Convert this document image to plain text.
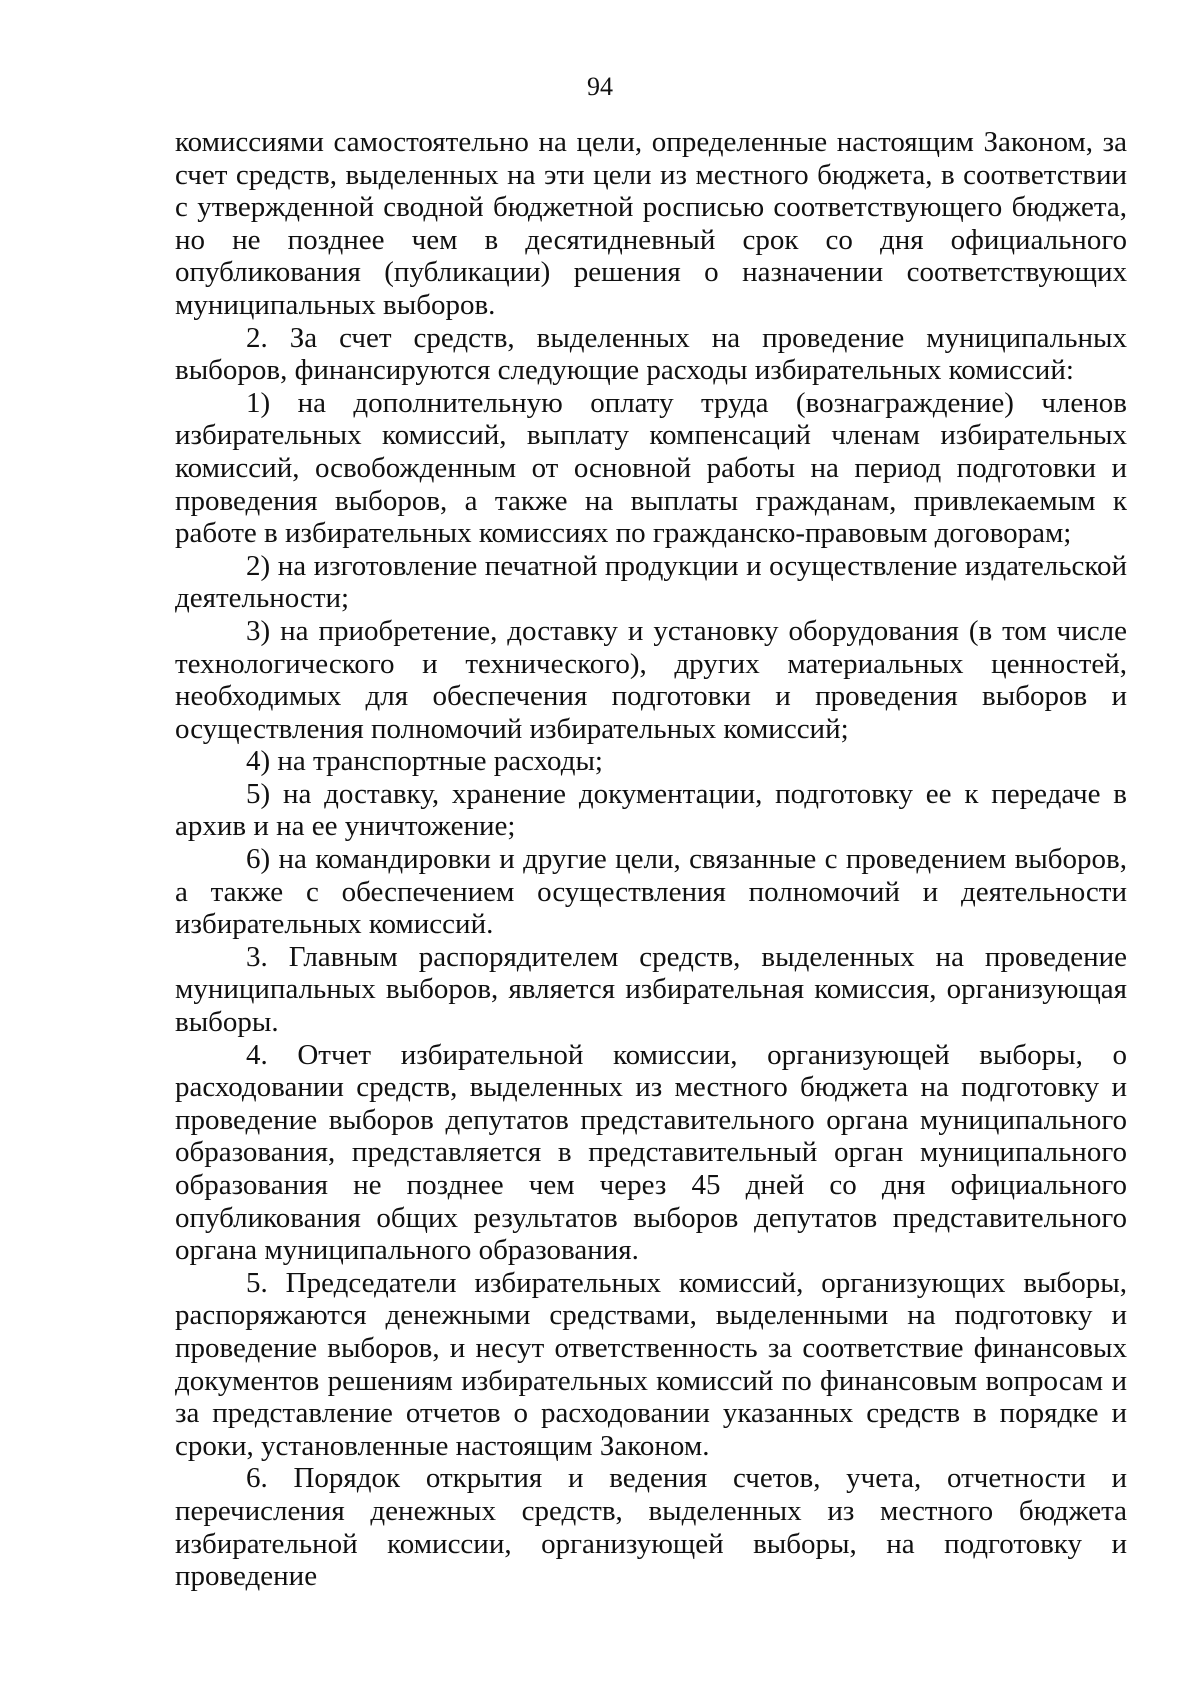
94

комиссиями самостоятельно на цели, определенные настоящим Законом, за счет средств, выделенных на эти цели из местного бюджета, в соответствии с утвержденной сводной бюджетной росписью соответствующего бюджета, но не позднее чем в десятидневный срок со дня официального опубликования (публикации) решения о назначении соответствующих муниципальных выборов.

2. За счет средств, выделенных на проведение муниципальных выборов, финансируются следующие расходы избирательных комиссий:

1) на дополнительную оплату труда (вознаграждение) членов избирательных комиссий, выплату компенсаций членам избирательных комиссий, освобожденным от основной работы на период подготовки и проведения выборов, а также на выплаты гражданам, привлекаемым к работе в избирательных комиссиях по гражданско-правовым договорам;

2) на изготовление печатной продукции и осуществление издательской деятельности;

3) на приобретение, доставку и установку оборудования (в том числе технологического и технического), других материальных ценностей, необходимых для обеспечения подготовки и проведения выборов и осуществления полномочий избирательных комиссий;

4) на транспортные расходы;

5) на доставку, хранение документации, подготовку ее к передаче в архив и на ее уничтожение;

6) на командировки и другие цели, связанные с проведением выборов, а также с обеспечением осуществления полномочий и деятельности избирательных комиссий.

3. Главным распорядителем средств, выделенных на проведение муниципальных выборов, является избирательная комиссия, организующая выборы.

4. Отчет избирательной комиссии, организующей выборы, о расходовании средств, выделенных из местного бюджета на подготовку и проведение выборов депутатов представительного органа муниципального образования, представляется в представительный орган муниципального образования не позднее чем через 45 дней со дня официального опубликования общих результатов выборов депутатов представительного органа муниципального образования.

5. Председатели избирательных комиссий, организующих выборы, распоряжаются денежными средствами, выделенными на подготовку и проведение выборов, и несут ответственность за соответствие финансовых документов решениям избирательных комиссий по финансовым вопросам и за представление отчетов о расходовании указанных средств в порядке и сроки, установленные настоящим Законом.

6. Порядок открытия и ведения счетов, учета, отчетности и перечисления денежных средств, выделенных из местного бюджета избирательной комиссии, организующей выборы, на подготовку и проведение
